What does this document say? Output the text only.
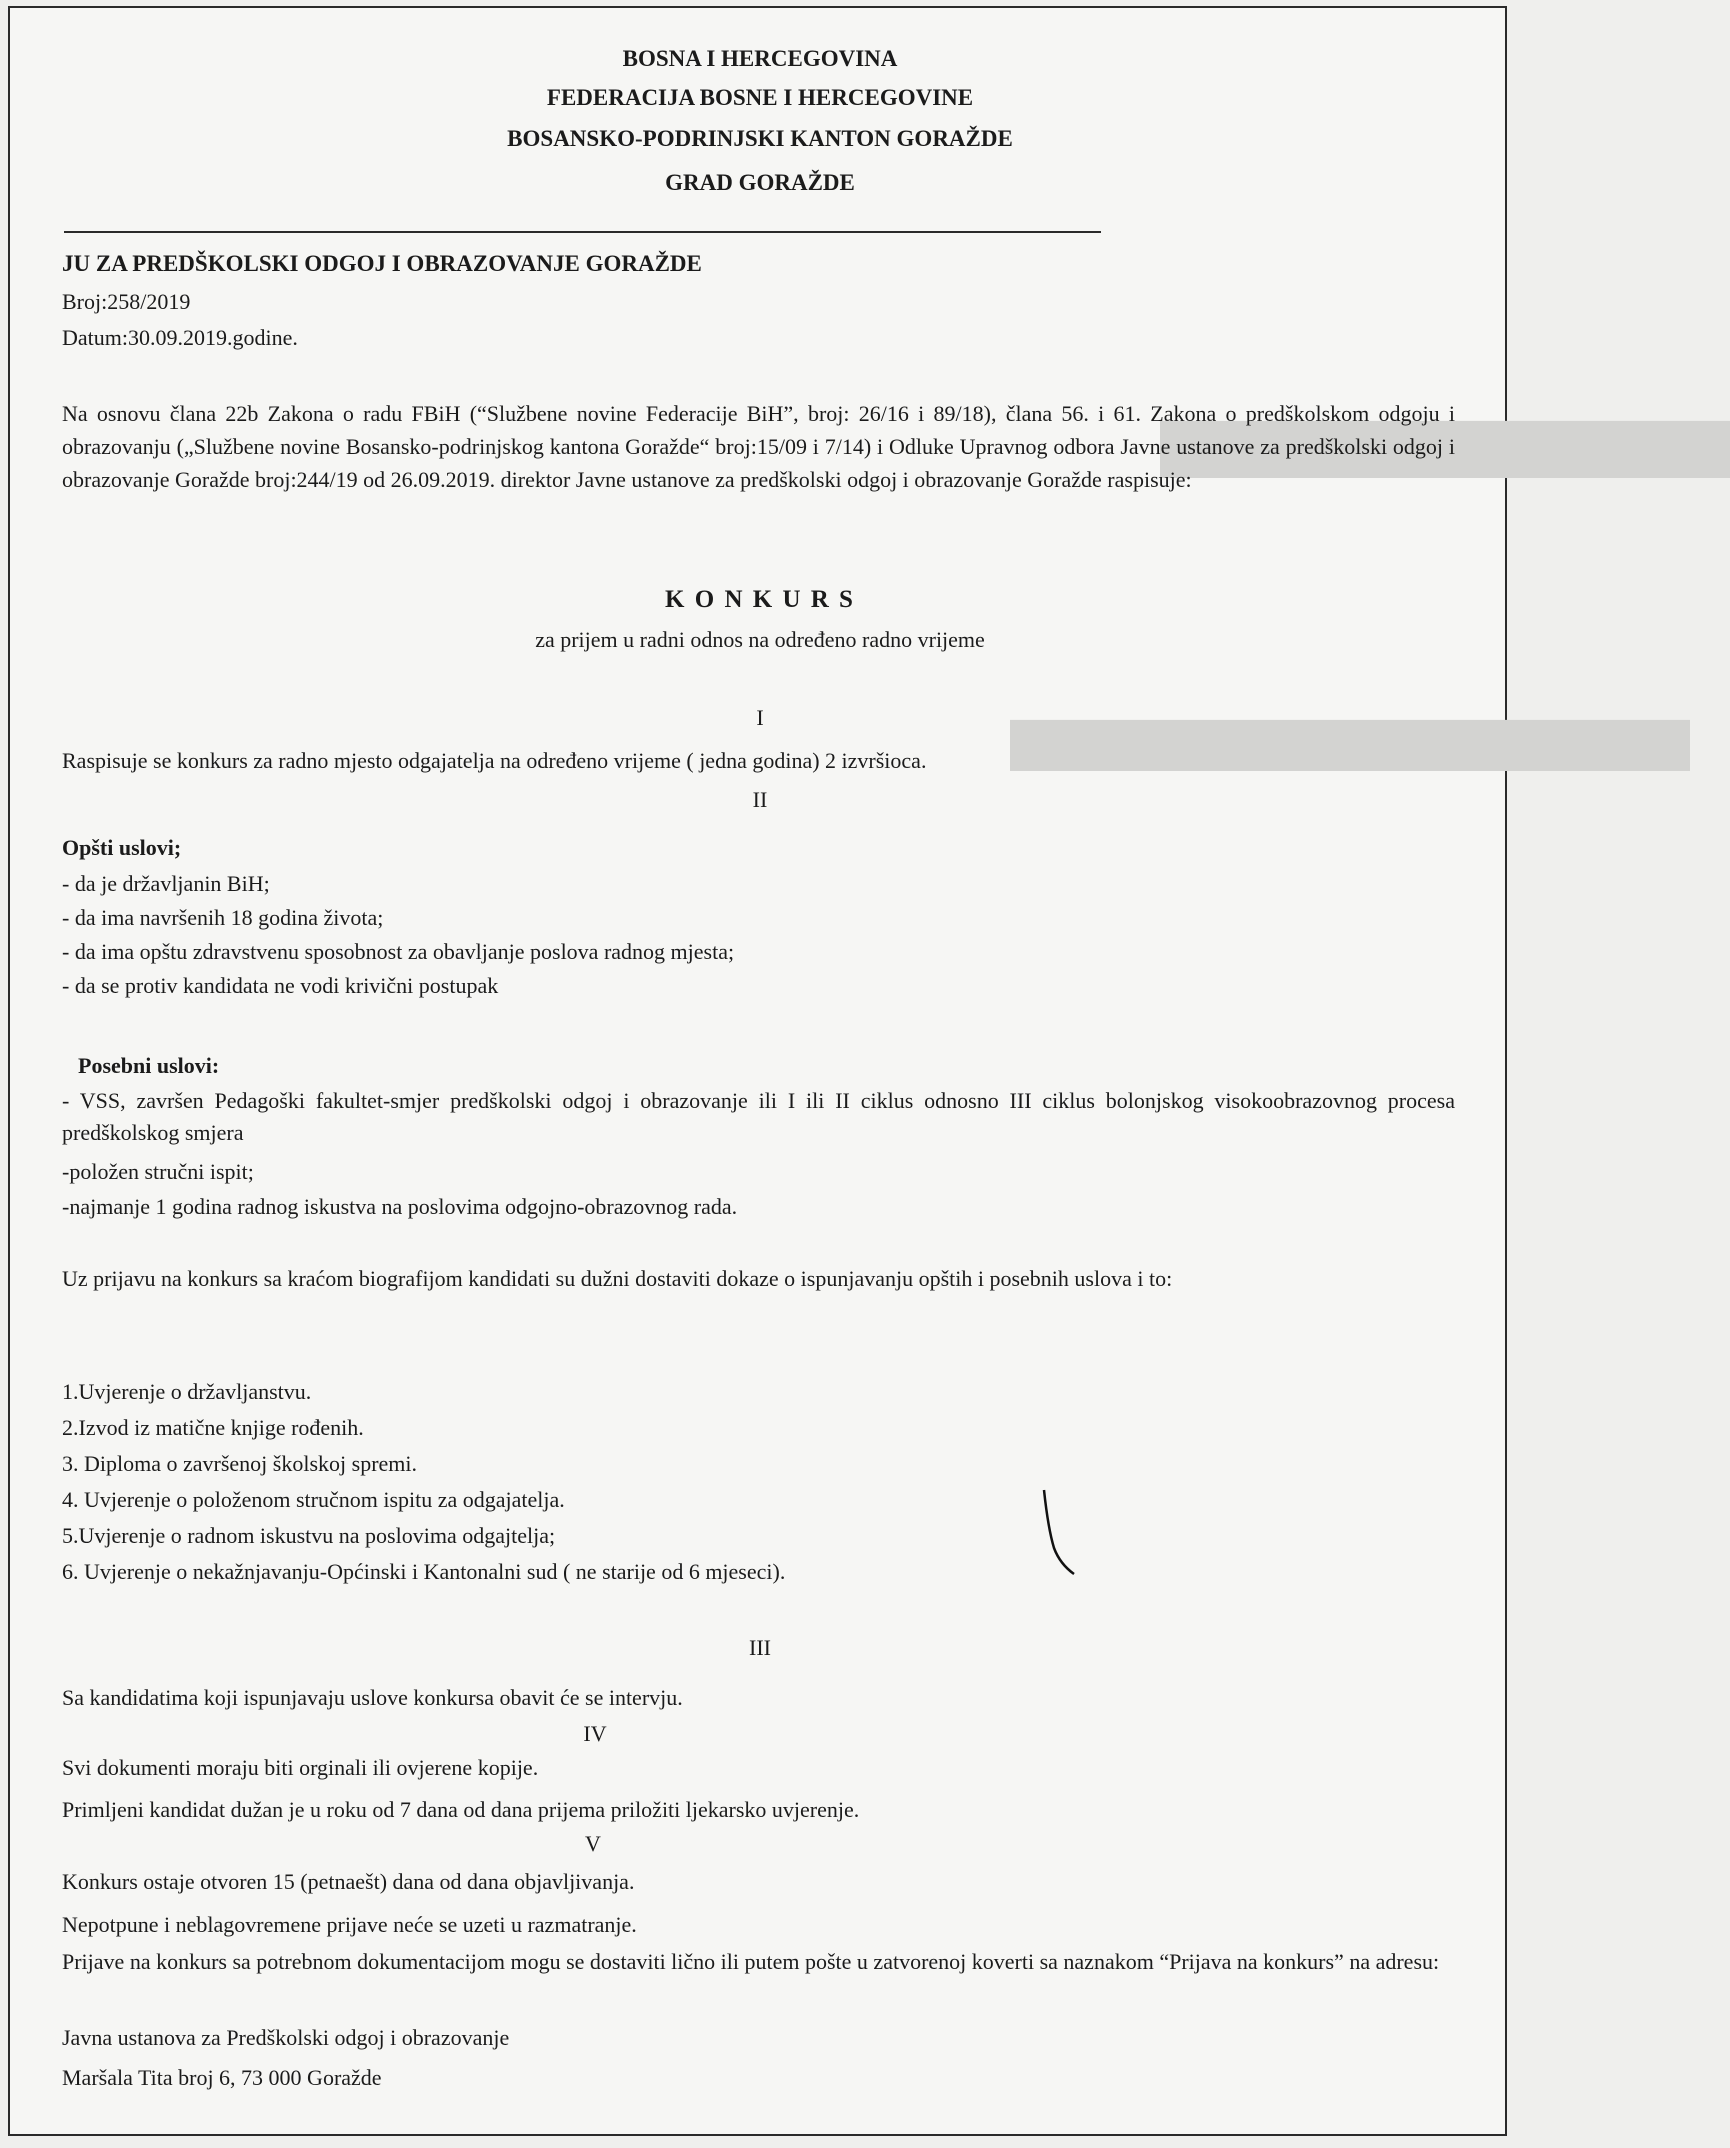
▬▬▬
▬▬▬▬
BOSNA I HERCEGOVINA
FEDERACIJA BOSNE I HERCEGOVINE
BOSANSKO-PODRINJSKI KANTON GORAŽDE
GRAD GORAŽDE
JU ZA PREDŠKOLSKI ODGOJ I OBRAZOVANJE GORAŽDE
Broj:258/2019
Datum:30.09.2019.godine.
Na osnovu člana 22b Zakona o radu FBiH (“Službene novine Federacije BiH”, broj: 26/16 i 89/18), člana 56. i 61. Zakona o predškolskom odgoju i obrazovanju („Službene novine Bosansko-podrinjskog kantona Goražde“ broj:15/09 i 7/14) i Odluke Upravnog odbora Javne ustanove za predškolski odgoj i obrazovanje Goražde broj:244/19 od 26.09.2019. direktor Javne ustanove za predškolski odgoj i obrazovanje Goražde raspisuje:
K O N K U R S
za prijem u radni odnos na određeno radno vrijeme
I
Raspisuje se konkurs za radno mjesto odgajatelja na određeno vrijeme ( jedna godina) 2 izvršioca.
II
Opšti uslovi;
- da je državljanin BiH;
- da ima navršenih 18 godina života;
- da ima opštu zdravstvenu sposobnost za obavljanje poslova radnog mjesta;
- da se protiv kandidata ne vodi krivični postupak
Posebni uslovi:
- VSS, završen Pedagoški fakultet-smjer predškolski odgoj i obrazovanje ili I ili II ciklus odnosno III ciklus bolonjskog visokoobrazovnog procesa predškolskog smjera
-položen stručni ispit;
-najmanje 1 godina radnog iskustva na poslovima odgojno-obrazovnog rada.
Uz prijavu na konkurs sa kraćom biografijom kandidati su dužni dostaviti dokaze o ispunjavanju opštih i posebnih uslova i to:
1.Uvjerenje o državljanstvu.
2.Izvod iz matične knjige rođenih.
3. Diploma o završenoj školskoj spremi.
4. Uvjerenje o položenom stručnom ispitu za odgajatelja.
5.Uvjerenje o radnom iskustvu na poslovima odgajtelja;
6. Uvjerenje o nekažnjavanju-Općinski i Kantonalni sud ( ne starije od 6 mjeseci).
III
Sa kandidatima koji ispunjavaju uslove konkursa obavit će se intervju.
IV
Svi dokumenti moraju biti orginali ili ovjerene kopije.
Primljeni kandidat dužan je u roku od 7 dana od dana prijema priložiti ljekarsko uvjerenje.
V
Konkurs ostaje otvoren 15 (petnaešt) dana od dana objavljivanja.
Nepotpune i neblagovremene prijave neće se uzeti u razmatranje.
Prijave na konkurs sa potrebnom dokumentacijom mogu se dostaviti lično ili putem pošte u zatvorenoj koverti sa naznakom “Prijava na konkurs” na adresu:
Javna ustanova za Predškolski odgoj i obrazovanje
Maršala Tita broj 6, 73 000 Goražde
